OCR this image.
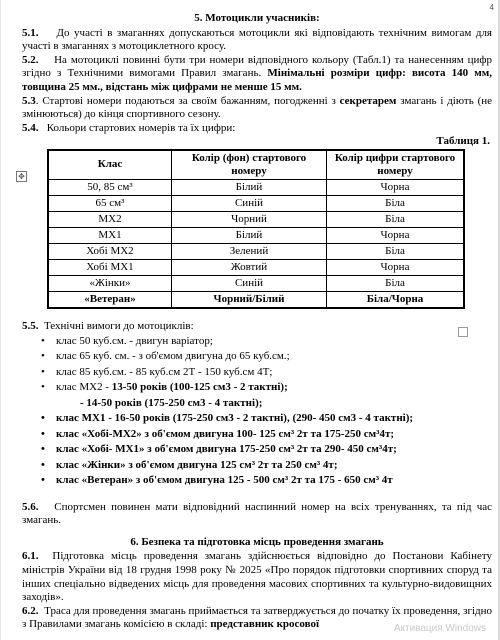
4
✥

5. Мотоцикли учасників:

5.1. До участі в змаганнях допускаються мотоцикли які відповідають технічним вимогам для участі в змаганнях з мотоциклетного кросу.

5.2. На мотоциклі повинні бути три номери відповідного кольору (Табл.1) та нанесенням цифр згідно з Технічними вимогами Правил змагань. Мінімальні розміри цифр: висота 140 мм, товщина 25 мм., відстань між цифрами не менше 15 мм.

5.3. Стартові номери подаються за своїм бажанням, погодженні з секретарем змагань і діють (не змінюються) до кінця спортивного сезону.

5.4. Кольори стартових номерів та їх цифри:

Таблиця 1.

Клас	Колір (фон) стартового номеру	Колір цифри стартового номеру
50, 85 см³	Білий	Чорна
65 см³	Синій	Біла
MX2	Чорний	Біла
MX1	Білий	Чорна
Хобі MX2	Зелений	Біла
Хобі MX1	Жовтий	Чорна
«Жінки»	Синій	Біла
«Ветеран»	Чорний/Білий	Біла/Чорна

5.5. Технічні вимоги до мотоциклів:

• клас 50 куб.см. - двигун варіатор;
• клас 65 куб. см. - з об'ємом двигуна до 65 куб.см.;
• клас 85 куб.см. - 85 куб.см 2Т - 150 куб.см 4Т;
• клас MX2 - 13-50 років (100-125 см3 - 2 тактні);

- 14-50 років (175-250 см3 - 4 тактні);

• клас MX1 - 16-50 років (175-250 см3 - 2 тактні), (290- 450 см3 - 4 тактні);
• клас «Хобі-MX2» з об'ємом двигуна 100- 125 см³ 2т та 175-250 см³4т;
• клас «Хобі- MX1» з об'ємом двигуна 175-250 см³ 2т та 290- 450 см³4т;
• клас «Жінки» з об'ємом двигуна 125 см³ 2т та 250 см³ 4т;
• клас «Ветеран» з об'ємом двигуна 125 - 500 см³ 2т та 175 - 650 см³ 4т

5.6. Спортсмен повинен мати відповідний наспинний номер на всіх тренуваннях, та під час змагань.

6. Безпека та підготовка місць проведення змагань

6.1. Підготовка місць проведення змагань здійснюється відповідно до Постанови Кабінету міністрів України від 18 грудня 1998 року № 2025 «Про порядок підготовки спортивних споруд та інших спеціально відведених місць для проведення масових спортивних та культурно-видовищних заходів».

6.2. Траса для проведення змагань приймається та затверджується до початку їх проведення, згідно з Правилами змагань комісією в складі: представник кросової	Активация Windows
